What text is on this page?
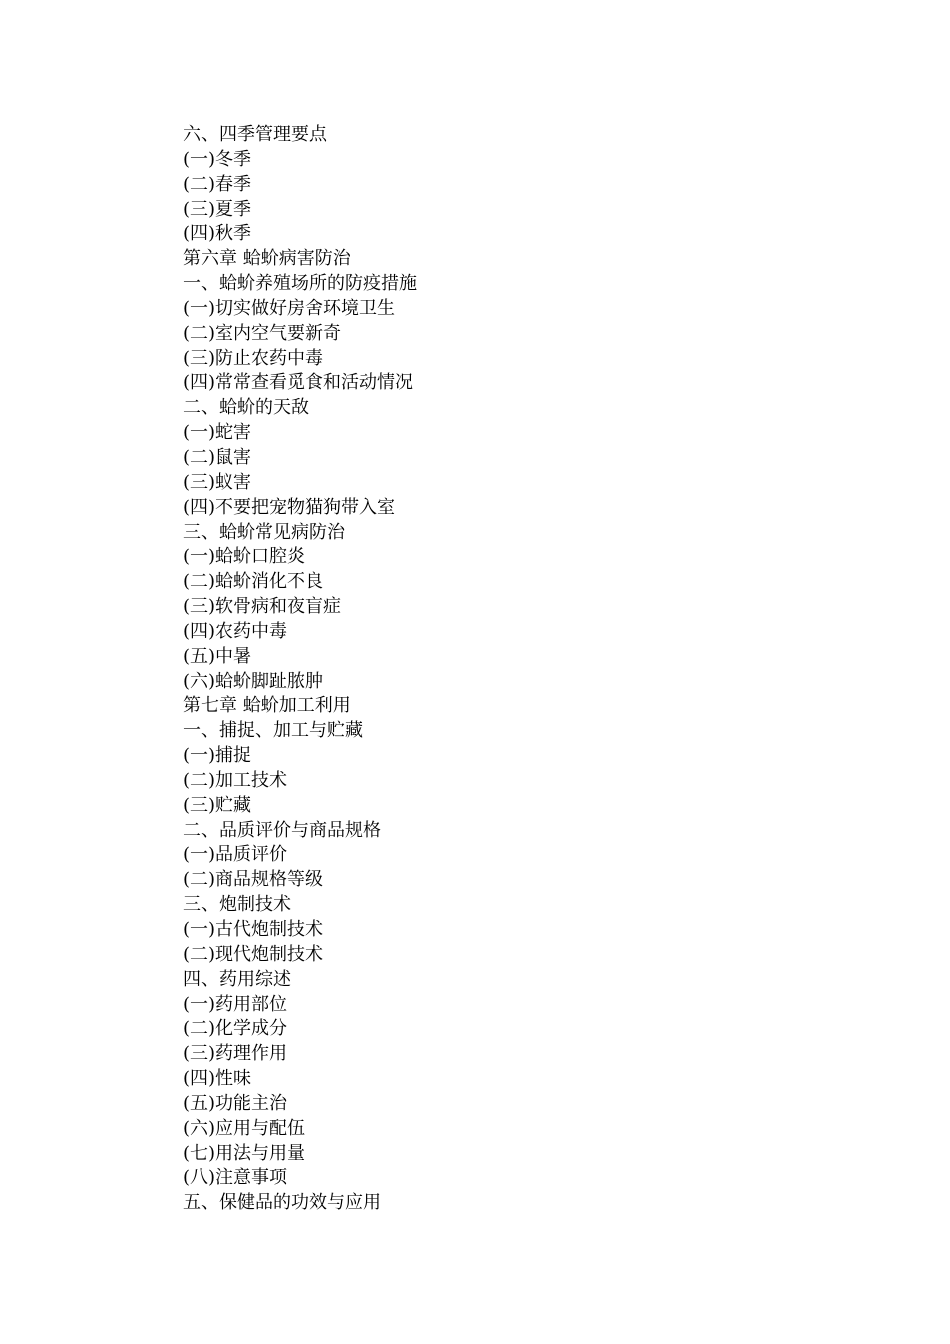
六、四季管理要点
(一)冬季
(二)春季
(三)夏季
(四)秋季
第六章 蛤蚧病害防治
一、蛤蚧养殖场所的防疫措施
(一)切实做好房舍环境卫生
(二)室内空气要新奇
(三)防止农药中毒
(四)常常查看觅食和活动情况
二、蛤蚧的天敌
(一)蛇害
(二)鼠害
(三)蚁害
(四)不要把宠物猫狗带入室
三、蛤蚧常见病防治
(一)蛤蚧口腔炎
(二)蛤蚧消化不良
(三)软骨病和夜盲症
(四)农药中毒
(五)中暑
(六)蛤蚧脚趾脓肿
第七章 蛤蚧加工利用
一、捕捉、加工与贮藏
(一)捕捉
(二)加工技术
(三)贮藏
二、品质评价与商品规格
(一)品质评价
(二)商品规格等级
三、炮制技术
(一)古代炮制技术
(二)现代炮制技术
四、药用综述
(一)药用部位
(二)化学成分
(三)药理作用
(四)性味
(五)功能主治
(六)应用与配伍
(七)用法与用量
(八)注意事项
五、保健品的功效与应用
